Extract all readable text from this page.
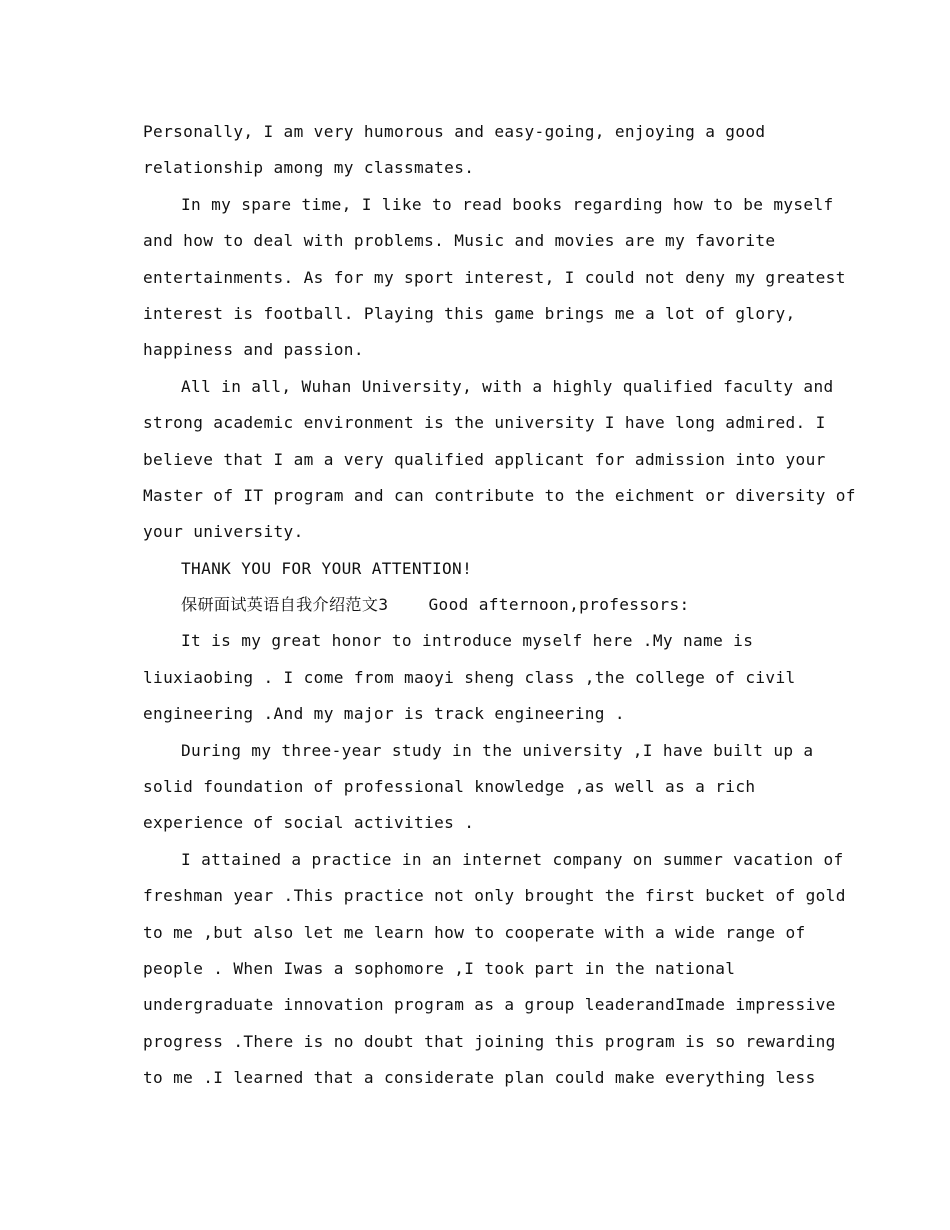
Personally, I am very humorous and easy-going, enjoying a good
relationship among my classmates.
In my spare time, I like to read books regarding how to be myself
and how to deal with problems. Music and movies are my favorite
entertainments. As for my sport interest, I could not deny my greatest
interest is football. Playing this game brings me a lot of glory,
happiness and passion.
All in all, Wuhan University, with a highly qualified faculty and
strong academic environment is the university I have long admired. I
believe that I am a very qualified applicant for admission into your
Master of IT program and can contribute to the eichment or diversity of
your university.
THANK YOU FOR YOUR ATTENTION!
保研面试英语自我介绍范文3    Good afternoon,professors:
It is my great honor to introduce myself here .My name is
liuxiaobing . I come from maoyi sheng class ,the college of civil
engineering .And my major is track engineering .
During my three-year study in the university ,I have built up a
solid foundation of professional knowledge ,as well as a rich
experience of social activities .
I attained a practice in an internet company on summer vacation of
freshman year .This practice not only brought the first bucket of gold
to me ,but also let me learn how to cooperate with a wide range of
people . When Iwas a sophomore ,I took part in the national
undergraduate innovation program as a group leaderandImade impressive
progress .There is no doubt that joining this program is so rewarding
to me .I learned that a considerate plan could make everything less
